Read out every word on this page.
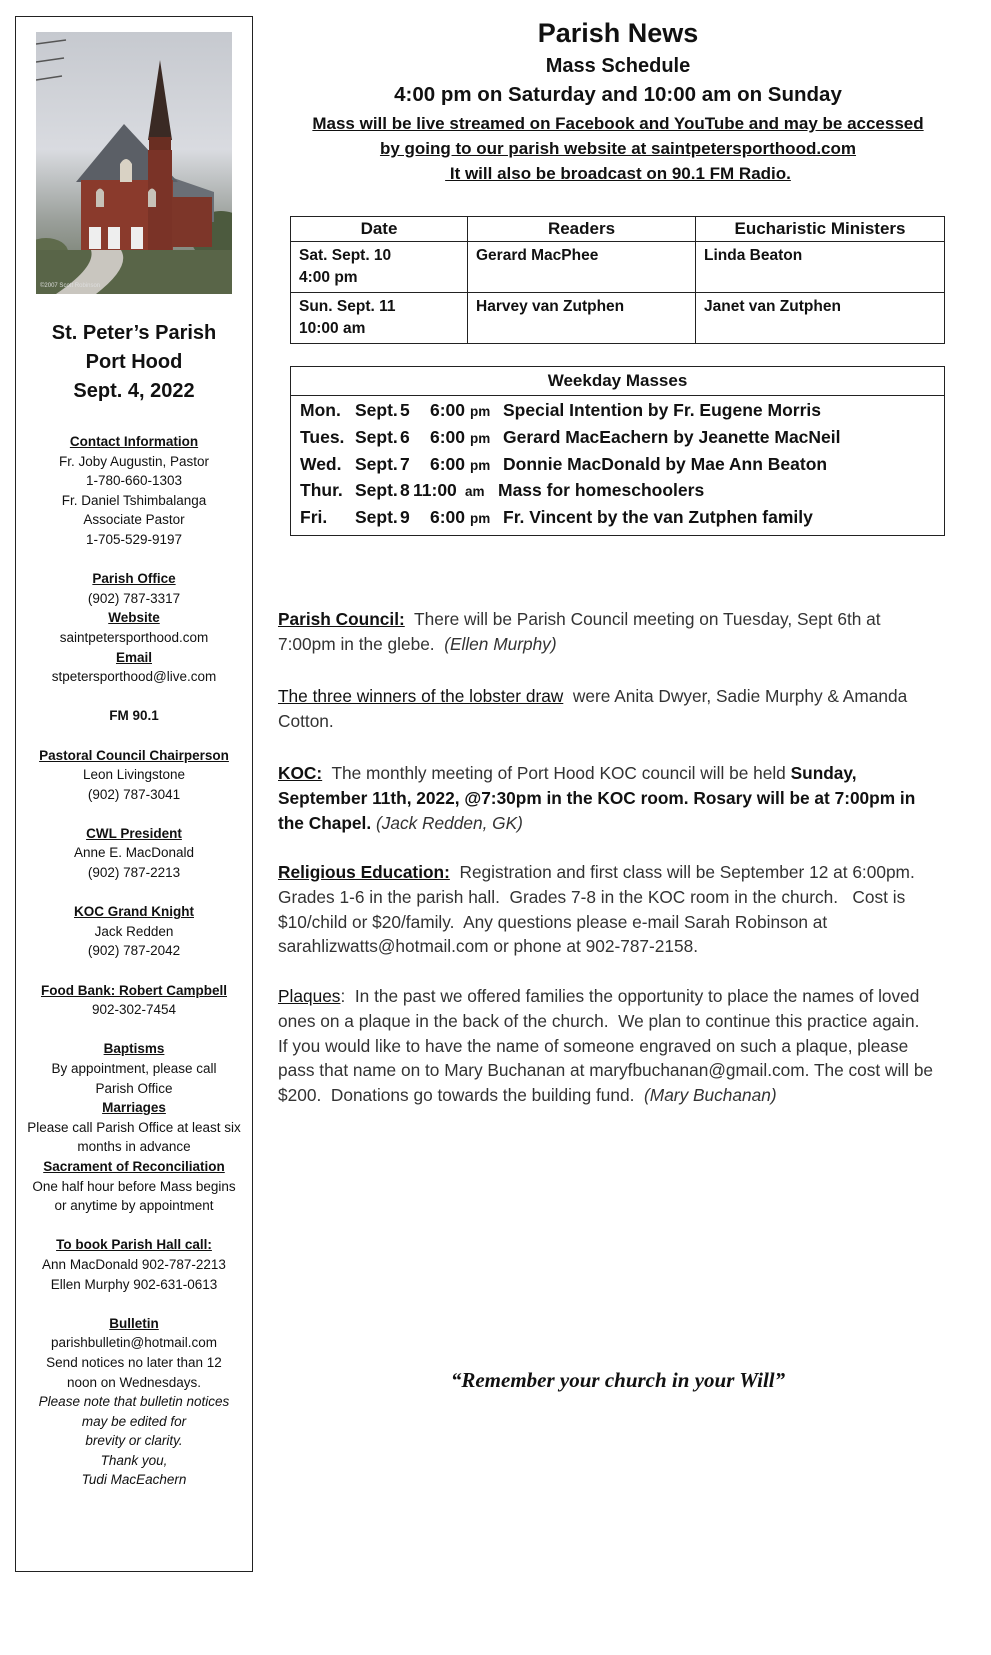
©2007 Scott Robinson
St. Peter’s Parish
Port Hood
Sept. 4, 2022
Contact Information
Fr. Joby Augustin, Pastor
1-780-660-1303
Fr. Daniel Tshimbalanga
Associate Pastor
1-705-529-9197
Parish Office
(902) 787-3317
Website
saintpetersporthood.com
Email
stpetersporthood@live.com
FM 90.1
Pastoral Council Chairperson
Leon Livingstone
(902) 787-3041
CWL President
Anne E. MacDonald
(902) 787-2213
KOC Grand Knight
Jack Redden
(902) 787-2042
Food Bank: Robert Campbell
902-302-7454
Baptisms
By appointment, please call
Parish Office
Marriages
Please call Parish Office at least six
months in advance
Sacrament of Reconciliation
One half hour before Mass begins
or anytime by appointment
To book Parish Hall call:
Ann MacDonald 902-787-2213
Ellen Murphy 902-631-0613
Bulletin
parishbulletin@hotmail.com
Send notices no later than 12
noon on Wednesdays.
Please note that bulletin notices
may be edited for
brevity or clarity.
Thank you,
Tudi MacEachern
Parish News
Mass Schedule
4:00 pm on Saturday and 10:00 am on Sunday
Mass will be live streamed on Facebook and YouTube and may be accessed
by going to our parish website at saintpetersporthood.com
It will also be broadcast on 90.1 FM Radio.
Date	Readers	Eucharistic Ministers

Sat. Sept. 10
4:00 pm	Gerard MacPhee	Linda Beaton

Sun. Sept. 11
10:00 am	Harvey van Zutphen	Janet van Zutphen
Weekday Masses

Mon. Sept. 5 6:00 pm Special Intention by Fr. Eugene Morris
Tues. Sept. 6 6:00 pm Gerard MacEachern by Jeanette MacNeil
Wed. Sept. 7 6:00 pm Donnie MacDonald by Mae Ann Beaton
Thur. Sept. 8 11:00 am Mass for homeschoolers
Fri. Sept. 9 6:00 pm Fr. Vincent by the van Zutphen family
Parish Council:  There will be Parish Council meeting on Tuesday, Sept 6th at 7:00pm in the glebe.  (Ellen Murphy)
The three winners of the lobster draw  were Anita Dwyer, Sadie Murphy & Amanda Cotton.
KOC:  The monthly meeting of Port Hood KOC council will be held Sunday, September 11th, 2022, @7:30pm in the KOC room. Rosary will be at 7:00pm in the Chapel. (Jack Redden, GK)
Religious Education:  Registration and first class will be September 12 at 6:00pm.    Grades 1-6 in the parish hall.  Grades 7-8 in the KOC room in the church.   Cost is $10/child or $20/family.  Any questions please e-mail Sarah Robinson at sarahlizwatts@hotmail.com or phone at 902-787-2158.
Plaques:  In the past we offered families the opportunity to place the names of loved ones on a plaque in the back of the church.  We plan to continue this practice again.  If you would like to have the name of someone engraved on such a plaque, please pass that name on to Mary Buchanan at maryfbuchanan@gmail.com. The cost will be $200.  Donations go towards the building fund.  (Mary Buchanan)
“Remember your church in your Will”
